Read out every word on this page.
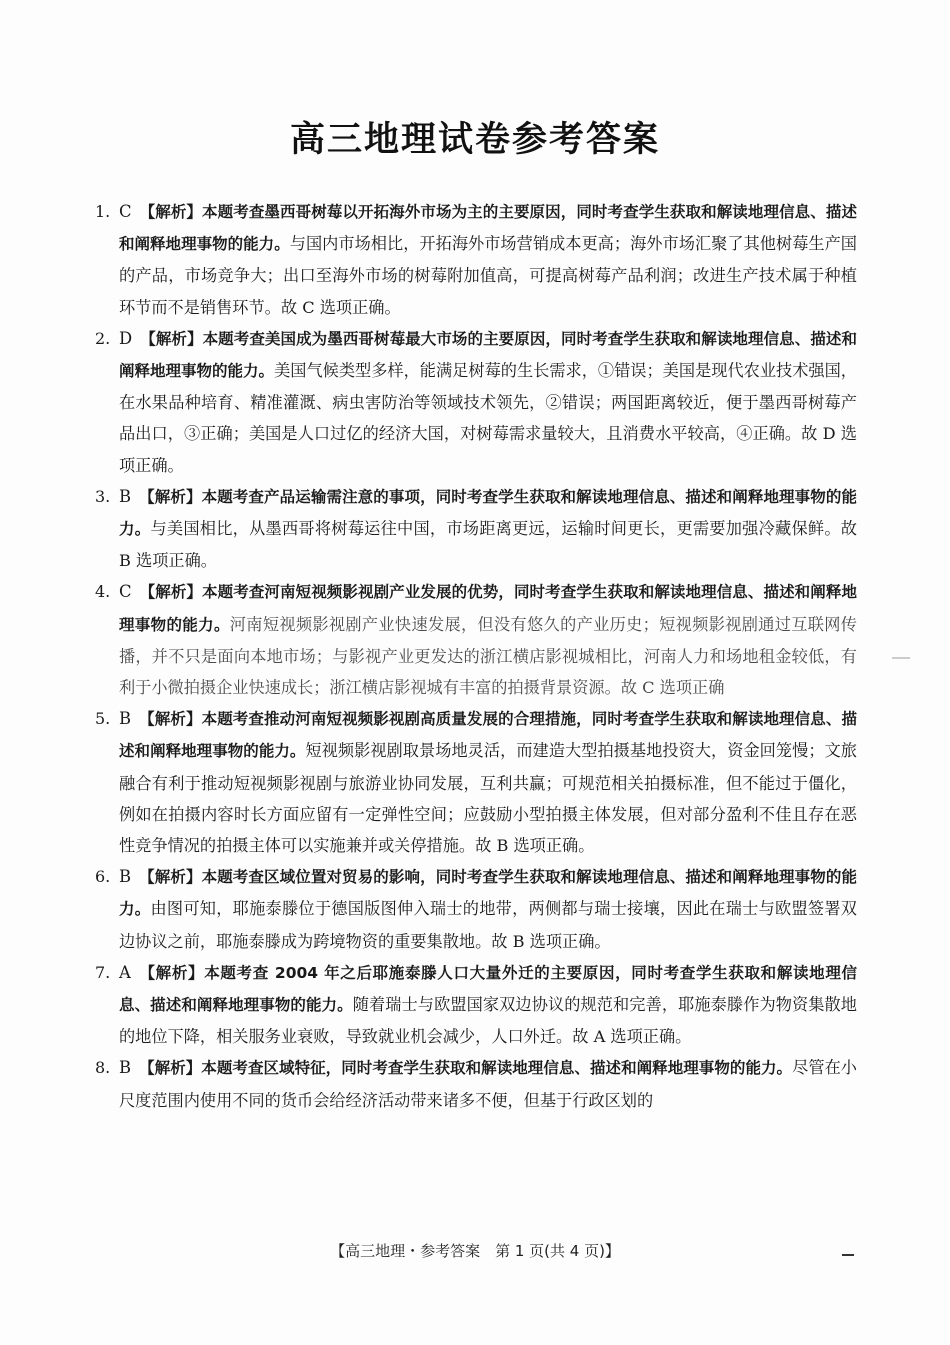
高三地理试卷参考答案
1. C 【解析】本题考查墨西哥树莓以开拓海外市场为主的主要原因，同时考查学生获取和解读地理信息、描述和阐释地理事物的能力。与国内市场相比，开拓海外市场营销成本更高；海外市场汇聚了其他树莓生产国的产品，市场竞争大；出口至海外市场的树莓附加值高，可提高树莓产品利润；改进生产技术属于种植环节而不是销售环节。故 C 选项正确。
2. D 【解析】本题考查美国成为墨西哥树莓最大市场的主要原因，同时考查学生获取和解读地理信息、描述和阐释地理事物的能力。美国气候类型多样，能满足树莓的生长需求，①错误；美国是现代农业技术强国，在水果品种培育、精准灌溉、病虫害防治等领域技术领先，②错误；两国距离较近，便于墨西哥树莓产品出口，③正确；美国是人口过亿的经济大国，对树莓需求量较大，且消费水平较高，④正确。故 D 选项正确。
3. B 【解析】本题考查产品运输需注意的事项，同时考查学生获取和解读地理信息、描述和阐释地理事物的能力。与美国相比，从墨西哥将树莓运往中国，市场距离更远，运输时间更长，更需要加强冷藏保鲜。故 B 选项正确。
4. C 【解析】本题考查河南短视频影视剧产业发展的优势，同时考查学生获取和解读地理信息、描述和阐释地理事物的能力。河南短视频影视剧产业快速发展，但没有悠久的产业历史；短视频影视剧通过互联网传播，并不只是面向本地市场；与影视产业更发达的浙江横店影视城相比，河南人力和场地租金较低，有利于小微拍摄企业快速成长；浙江横店影视城有丰富的拍摄背景资源。故 C 选项正确
5. B 【解析】本题考查推动河南短视频影视剧高质量发展的合理措施，同时考查学生获取和解读地理信息、描述和阐释地理事物的能力。短视频影视剧取景场地灵活，而建造大型拍摄基地投资大，资金回笼慢；文旅融合有利于推动短视频影视剧与旅游业协同发展，互利共赢；可规范相关拍摄标准，但不能过于僵化，例如在拍摄内容时长方面应留有一定弹性空间；应鼓励小型拍摄主体发展，但对部分盈利不佳且存在恶性竞争情况的拍摄主体可以实施兼并或关停措施。故 B 选项正确。
6. B 【解析】本题考查区域位置对贸易的影响，同时考查学生获取和解读地理信息、描述和阐释地理事物的能力。由图可知，耶施泰滕位于德国版图伸入瑞士的地带，两侧都与瑞士接壤，因此在瑞士与欧盟签署双边协议之前，耶施泰滕成为跨境物资的重要集散地。故 B 选项正确。
7. A 【解析】本题考查 2004 年之后耶施泰滕人口大量外迁的主要原因，同时考查学生获取和解读地理信息、描述和阐释地理事物的能力。随着瑞士与欧盟国家双边协议的规范和完善，耶施泰滕作为物资集散地的地位下降，相关服务业衰败，导致就业机会减少，人口外迁。故 A 选项正确。
8. B 【解析】本题考查区域特征，同时考查学生获取和解读地理信息、描述和阐释地理事物的能力。尽管在小尺度范围内使用不同的货币会给经济活动带来诸多不便，但基于行政区划的
【高三地理・参考答案　第 1 页(共 4 页)】
